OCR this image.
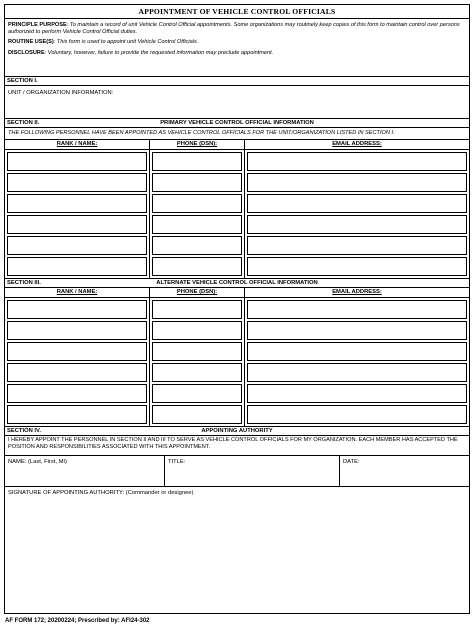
APPOINTMENT OF VEHICLE CONTROL OFFICIALS

PRINCIPLE PURPOSE: To maintain a record of unit Vehicle Control Official appointments. Some organizations may routinely keep copies of this form to maintain control over persons authorized to perform Vehicle Control Official duties.

ROUTINE USE(S): This form is used to appoint unit Vehicle Control Officials.

DISCLOSURE: Voluntary, however, failure to provide the requested information may preclude appointment.

SECTION I.
UNIT / ORGANIZATION INFORMATION:
SECTION II.	PRIMARY VEHICLE CONTROL OFFICIAL INFORMATION
THE FOLLOWING PERSONNEL HAVE BEEN APPOINTED AS VEHICLE CONTROL OFFICIALS FOR THE UNIT/ORGANIZATION LISTED IN SECTION I.
RANK / NAME:	PHONE (DSN):	EMAIL ADDRESS:
SECTION III.	ALTERNATE VEHICLE CONTROL OFFICIAL INFORMATION
RANK / NAME:	PHONE (DSN):	EMAIL ADDRESS:
SECTION IV.	APPOINTING AUTHORITY
I HEREBY APPOINT THE PERSONNEL IN SECTION II AND III TO SERVE AS VEHICLE CONTROL OFFICIALS FOR MY ORGANIZATION. EACH MEMBER HAS ACCEPTED THE POSITION AND RESPONSIBILITIES ASSOCIATED WITH THIS APPOINTMENT.
NAME: (Last, First, MI)	TITLE:	DATE:
SIGNATURE OF APPOINTING AUTHORITY: (Commander or designee)
AF FORM 172; 20200224; Prescribed by: AFI24-302
